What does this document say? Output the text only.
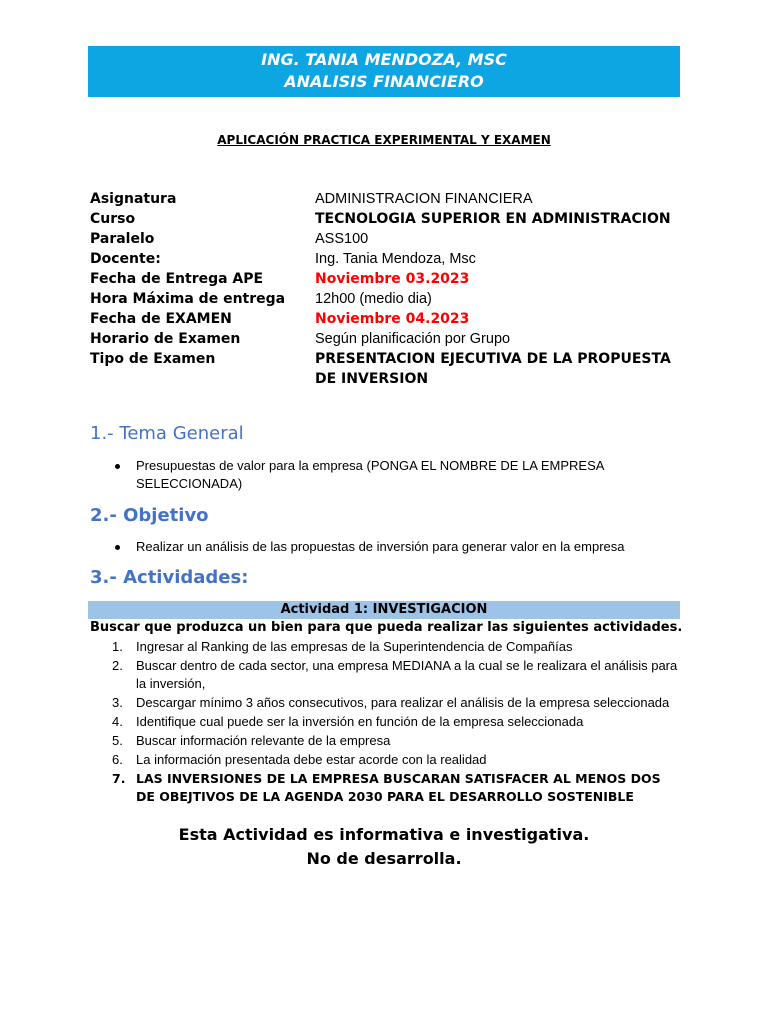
ING. TANIA MENDOZA, MSC
ANALISIS FINANCIERO
APLICACIÓN PRACTICA EXPERIMENTAL Y EXAMEN
Asignatura	ADMINISTRACION FINANCIERA
Curso	TECNOLOGIA SUPERIOR EN ADMINISTRACION
Paralelo	ASS100
Docente:	Ing. Tania Mendoza, Msc
Fecha de Entrega APE	Noviembre 03.2023
Hora Máxima de entrega 12h00 (medio dia)
Fecha de EXAMEN	Noviembre 04.2023
Horario de Examen	Según planificación por Grupo
Tipo de Examen	PRESENTACION EJECUTIVA DE LA PROPUESTA DE INVERSION
1.- Tema General
Presupuestas de valor para la empresa (PONGA EL NOMBRE DE LA EMPRESA SELECCIONADA)
2.- Objetivo
Realizar un análisis de las propuestas de inversión para generar valor en la empresa
3.- Actividades:
Actividad 1: INVESTIGACION
Buscar que produzca un bien para que pueda realizar las siguientes actividades.
1. Ingresar al Ranking de las empresas de la Superintendencia de Compañías
2. Buscar dentro de cada sector, una empresa MEDIANA a la cual se le realizara el análisis para la inversión,
3. Descargar mínimo 3 años consecutivos, para realizar el análisis de la empresa seleccionada
4. Identifique cual puede ser la inversión en función de la empresa seleccionada
5. Buscar información relevante de la empresa
6. La información presentada debe estar acorde con la realidad
7. LAS INVERSIONES DE LA EMPRESA BUSCARAN SATISFACER AL MENOS DOS DE OBEJTIVOS DE LA AGENDA 2030 PARA EL DESARROLLO SOSTENIBLE
Esta Actividad es informativa e investigativa.
No de desarrolla.
